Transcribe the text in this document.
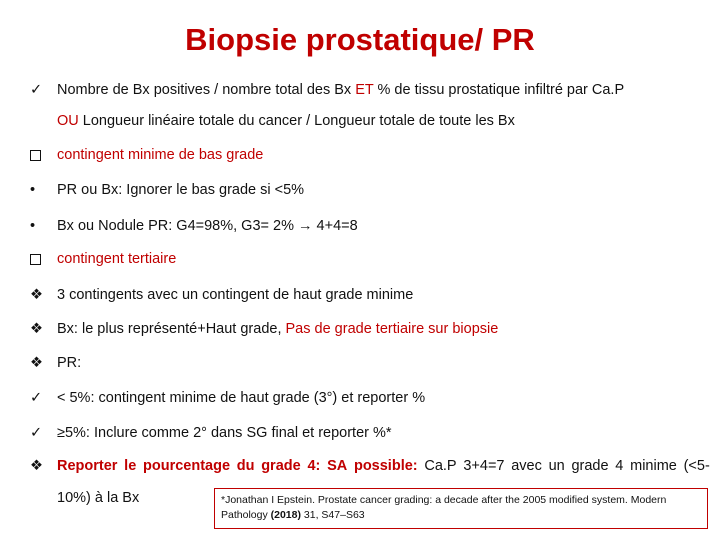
Biopsie prostatique/ PR
✓ Nombre de Bx positives / nombre total des Bx ET % de tissu prostatique infiltré par Ca.P
OU Longueur linéaire totale du cancer / Longueur totale de toute les Bx
contingent minime de bas grade
• PR ou Bx: Ignorer le bas grade si <5%
• Bx ou Nodule PR: G4=98%, G3= 2% → 4+4=8
contingent tertiaire
❖ 3 contingents avec un contingent de haut grade minime
❖ Bx: le plus représenté+Haut grade, Pas de grade tertiaire sur biopsie
❖ PR:
✓ < 5%: contingent minime de haut grade (3°) et reporter %
✓ ≥5%: Inclure comme 2° dans SG final et reporter %*
❖ Reporter le pourcentage du grade 4: SA possible: Ca.P 3+4=7 avec un grade 4 minime (<5-
10%) à la Bx	*Jonathan I Epstein. Prostate cancer grading: a decade after the 2005 modified system. Modern
Pathology (2018) 31, S47–S63
